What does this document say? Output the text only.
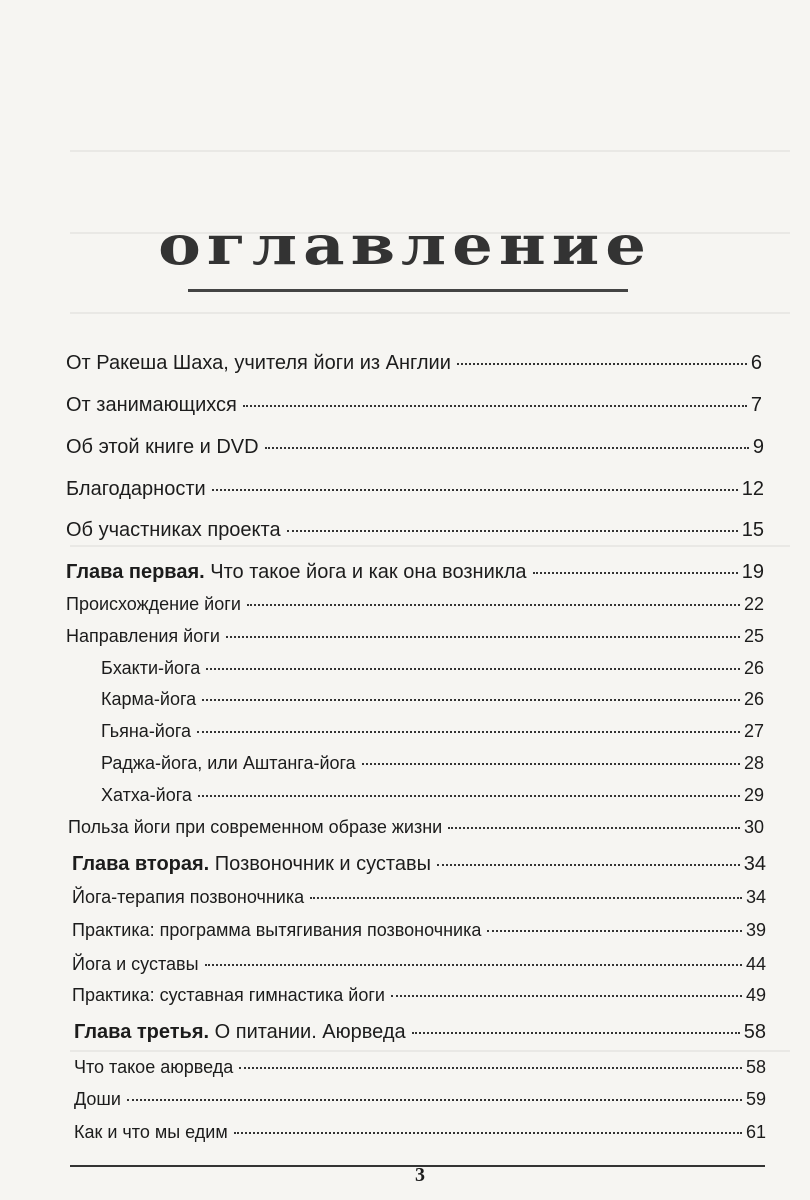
оглавление
От Ракеша Шаха, учителя йоги из Англии	6
От занимающихся	7
Об этой книге и DVD	9
Благодарности	12
Об участниках проекта	15
Глава первая. Что такое йога и как она возникла	19
Происхождение йоги	22
Направления йоги	25
Бхакти-йога	26
Карма-йога	26
Гьяна-йога	27
Раджа-йога, или Аштанга-йога	28
Хатха-йога	29
Польза йоги при современном образе жизни	30
Глава вторая. Позвоночник и суставы	34
Йога-терапия позвоночника	34
Практика: программа вытягивания позвоночника	39
Йога и суставы	44
Практика: суставная гимнастика йоги	49
Глава третья. О питании. Аюрведа	58
Что такое аюрведа	58
Доши	59
Как и что мы едим	61
3
